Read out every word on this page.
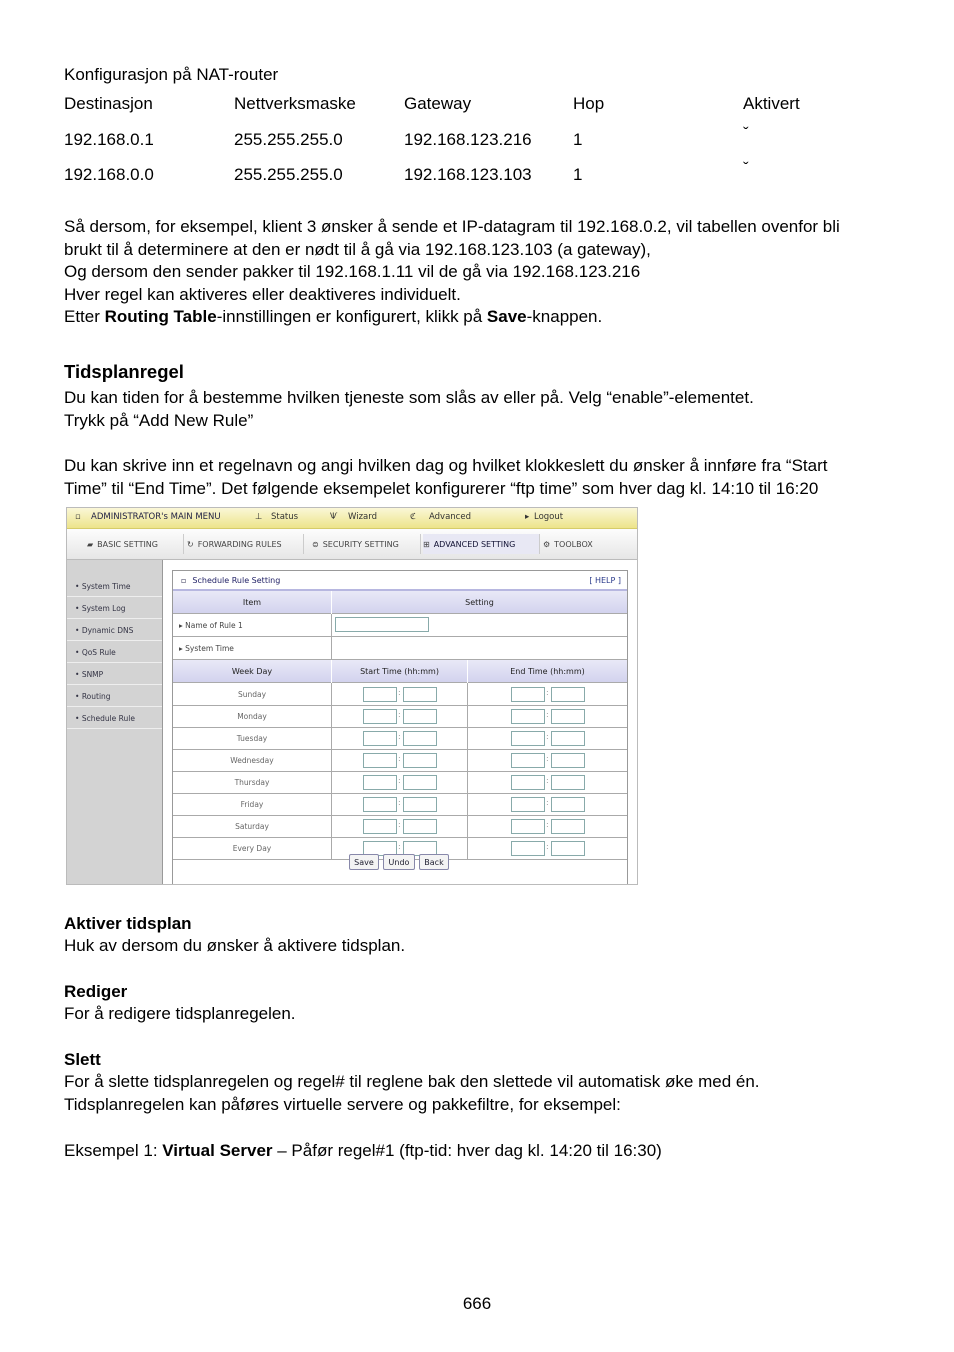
Konfigurasjon på NAT-router
Destinasjon	Nettverksmaske	Gateway	Hop	Aktivert
192.168.0.1	255.255.255.0	192.168.123.216 1	ˇ
192.168.0.0	255.255.255.0	192.168.123.103 1	ˇ

Så dersom, for eksempel, klient 3 ønsker å sende et IP-datagram til 192.168.0.2, vil tabellen ovenfor bli

brukt til å determinere at den er nødt til å gå via 192.168.123.103 (a gateway),

Og dersom den sender pakker til 192.168.1.11 vil de gå via 192.168.123.216

Hver regel kan aktiveres eller deaktiveres individuelt.

Etter Routing Table-innstillingen er konfigurert, klikk på Save-knappen.

Tidsplanregel

Du kan tiden for å bestemme hvilken tjeneste som slås av eller på. Velg “enable”-elementet.

Trykk på “Add New Rule”

Du kan skrive inn et regelnavn og angi hvilken dag og hvilket klokkeslett du ønsker å innføre fra “Start

Time” til “End Time”. Det følgende eksempelet konfigurerer “ftp time” som hver dag kl. 14:10 til 16:20

▫ ADMINISTRATOR's MAIN MENU	⊥ Status	Ѱ Wizard	ℭ Advanced	▸ Logout
▰ BASIC SETTING	↻ FORWARDING RULES	⊜ SECURITY SETTING	⊞ ADVANCED SETTING	⚙ TOOLBOX
• System Time
• System Log
• Dynamic DNS
• QoS Rule
• SNMP
• Routing
• Schedule Rule
▫ Schedule Rule Setting	[ HELP ]
Item	Setting
▸ Name of Rule 1
▸ System Time
Week Day	Start Time (hh:mm)	End Time (hh:mm)
Sunday	:	:
Monday	:	:
Tuesday	:	:
Wednesday	:	:
Thursday	:	:
Friday	:	:
Saturday	:	:
Every Day	:	:
Save	Undo	Back
Aktiver tidsplan
Huk av dersom du ønsker å aktivere tidsplan.
Rediger
For å redigere tidsplanregelen.
Slett

For å slette tidsplanregelen og regel# til reglene bak den slettede vil automatisk øke med én.

Tidsplanregelen kan påføres virtuelle servere og pakkefiltre, for eksempel:

Eksempel 1: Virtual Server – Påfør regel#1 (ftp-tid: hver dag kl. 14:20 til 16:30)
666
